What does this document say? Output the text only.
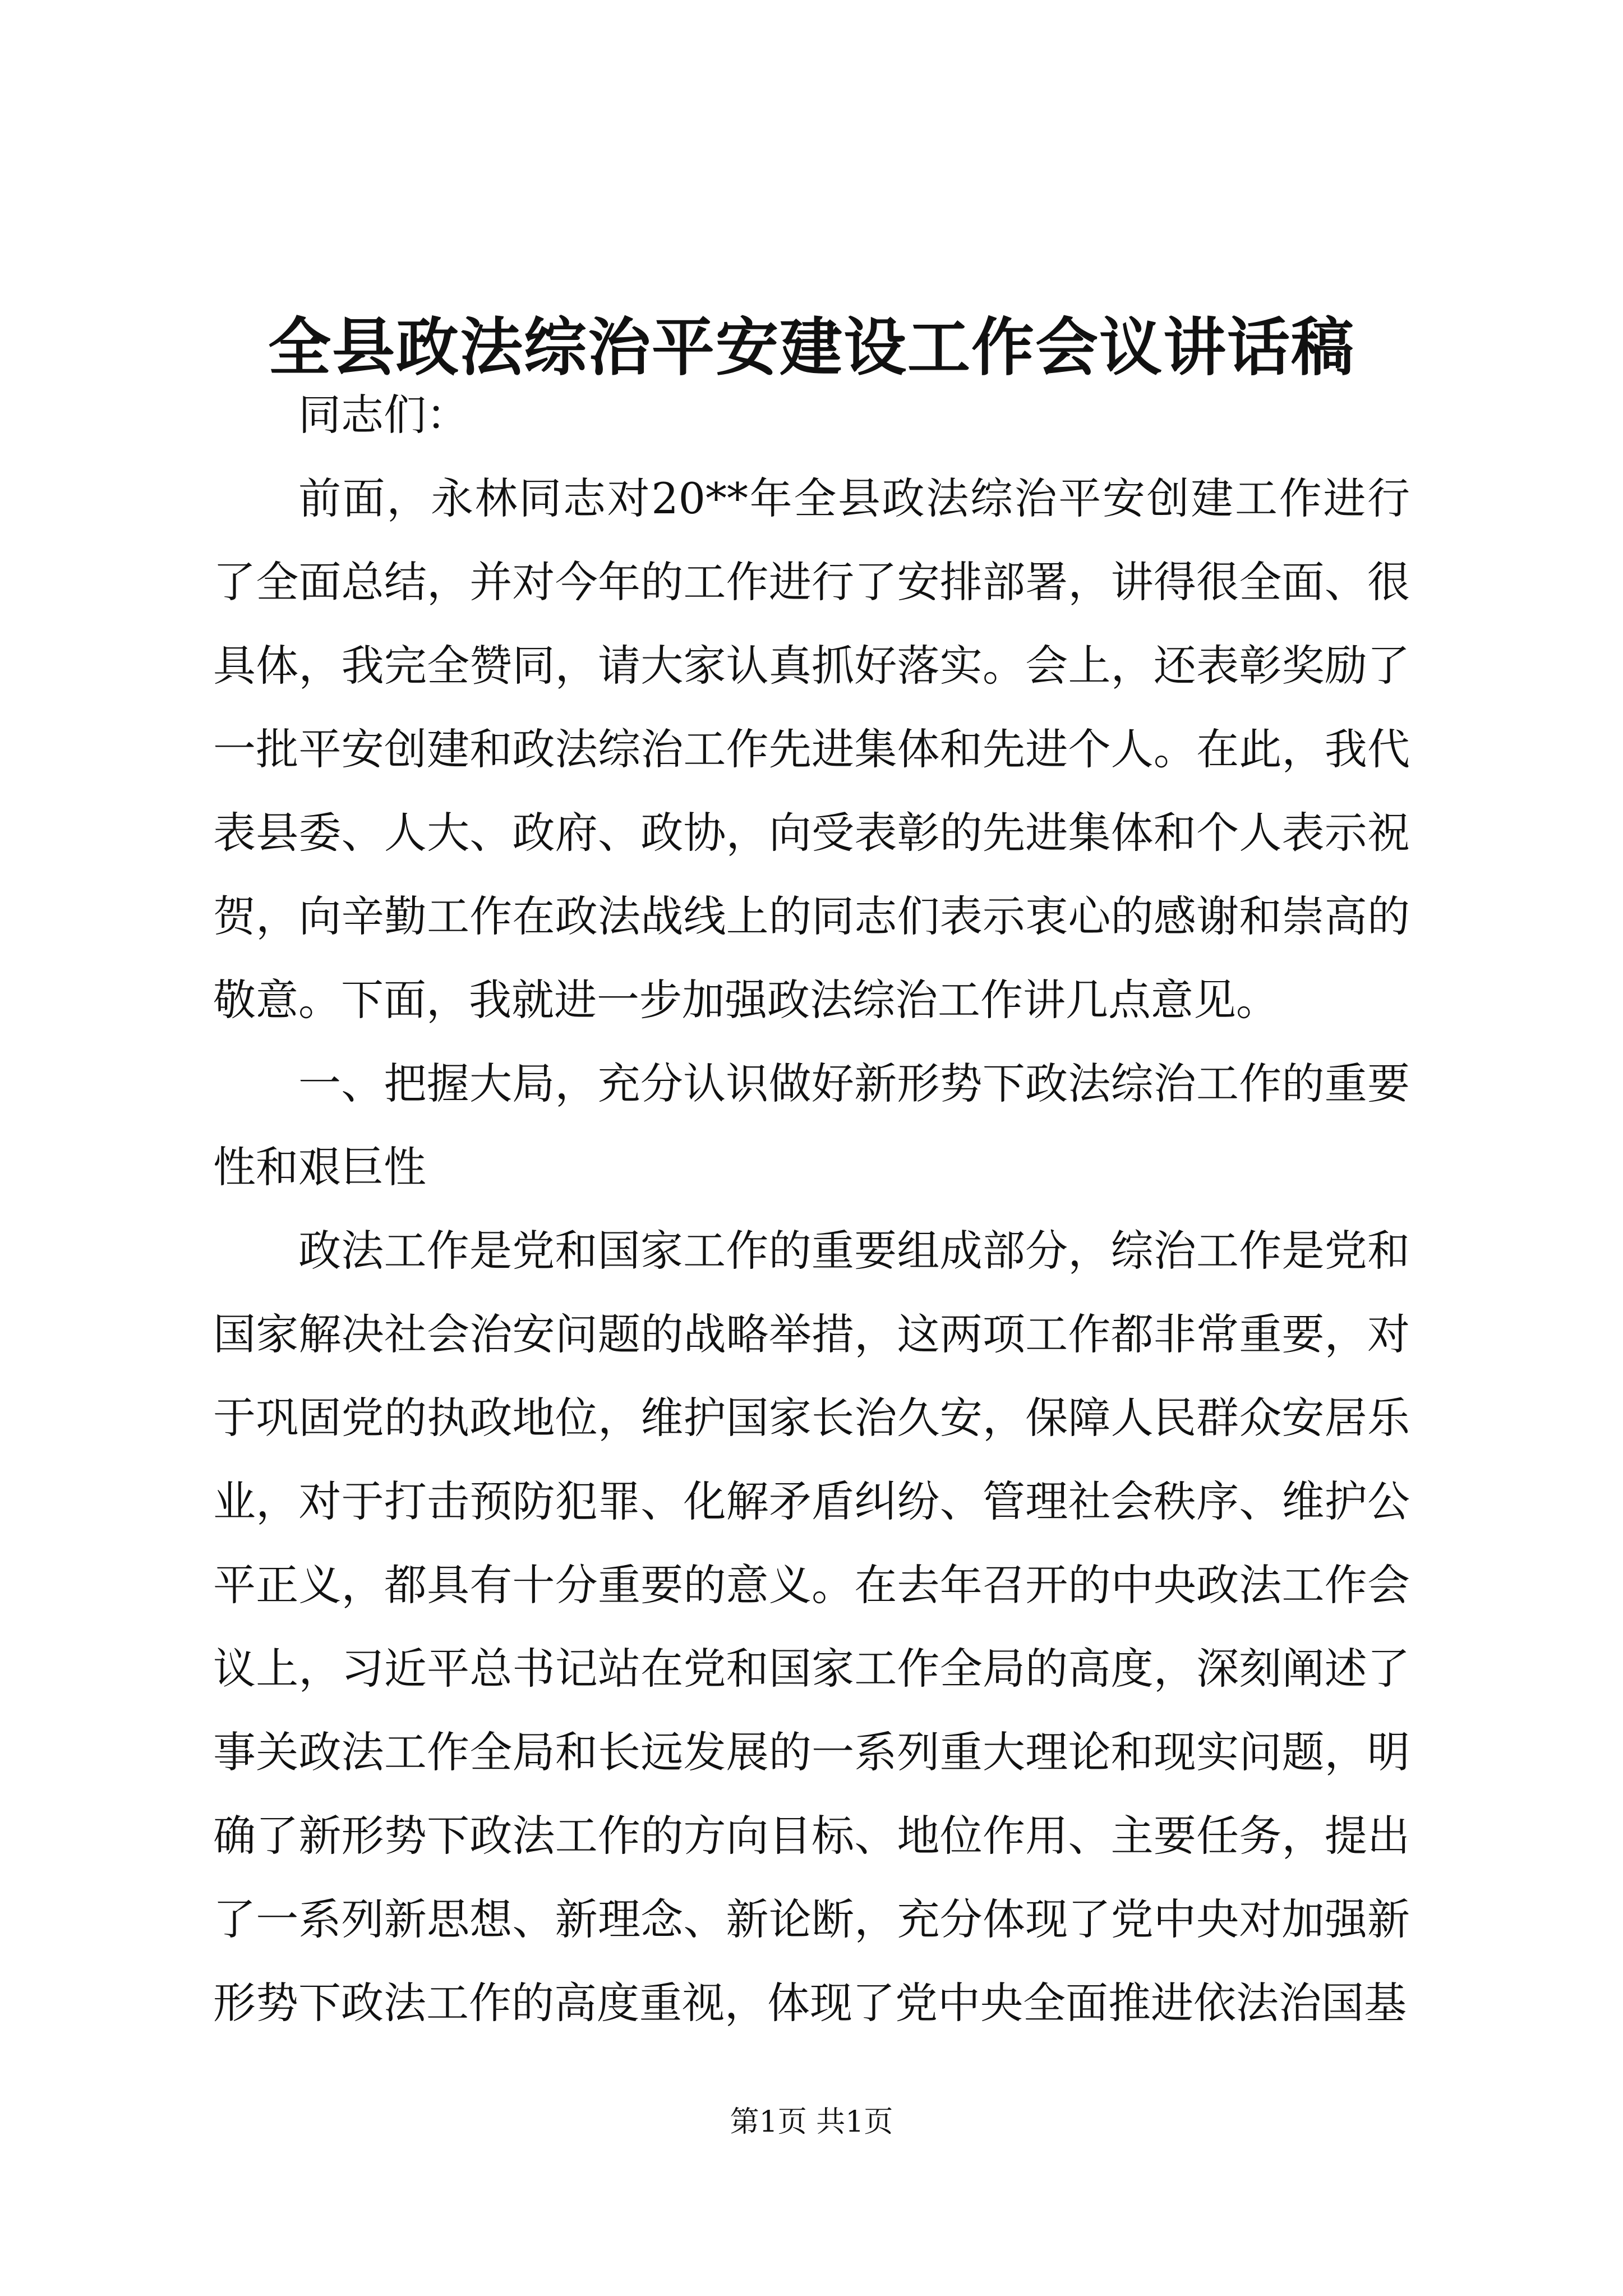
全县政法综治平安建设工作会议讲话稿

同志们：

前面，永林同志对20**年全县政法综治平安创建工作进行了全面总结，并对今年的工作进行了安排部署，讲得很全面、很具体，我完全赞同，请大家认真抓好落实。会上，还表彰奖励了一批平安创建和政法综治工作先进集体和先进个人。在此，我代表县委、人大、政府、政协，向受表彰的先进集体和个人表示祝贺，向辛勤工作在政法战线上的同志们表示衷心的感谢和崇高的敬意。下面，我就进一步加强政法综治工作讲几点意见。

一、把握大局，充分认识做好新形势下政法综治工作的重要性和艰巨性

政法工作是党和国家工作的重要组成部分，综治工作是党和国家解决社会治安问题的战略举措，这两项工作都非常重要，对于巩固党的执政地位，维护国家长治久安，保障人民群众安居乐业，对于打击预防犯罪、化解矛盾纠纷、管理社会秩序、维护公平正义，都具有十分重要的意义。在去年召开的中央政法工作会议上，习近平总书记站在党和国家工作全局的高度，深刻阐述了事关政法工作全局和长远发展的一系列重大理论和现实问题，明确了新形势下政法工作的方向目标、地位作用、主要任务，提出了一系列新思想、新理念、新论断，充分体现了党中央对加强新形势下政法工作的高度重视，体现了党中央全面推进依法治国基

第1页 共1页
